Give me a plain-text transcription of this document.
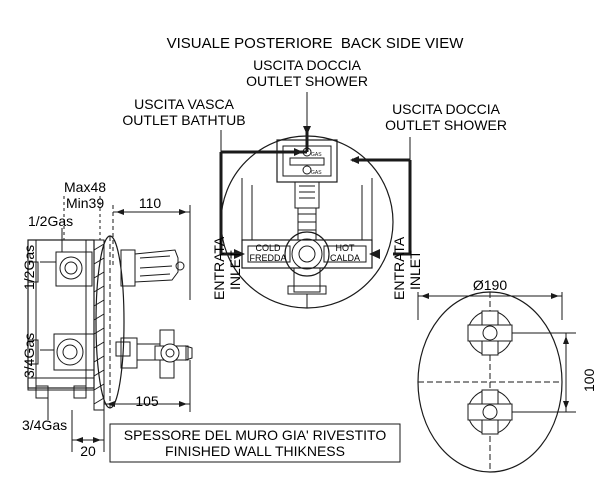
GAS
GAS
VISUALE POSTERIORE  BACK SIDE VIEW
USCITA DOCCIA
OUTLET SHOWER
USCITA VASCA
OUTLET BATHTUB
USCITA DOCCIA
OUTLET SHOWER
ENTRATA INLET	ENTRATA INLET
COLD
FREDDA
HOT
CALDA
Max48
Min39 110
105
20
1/2Gas
1/2Gas
3/4Gas
3/4Gas
SPESSORE DEL MURO GIA' RIVESTITO
FINISHED WALL THIKNESS
Ø190
100
